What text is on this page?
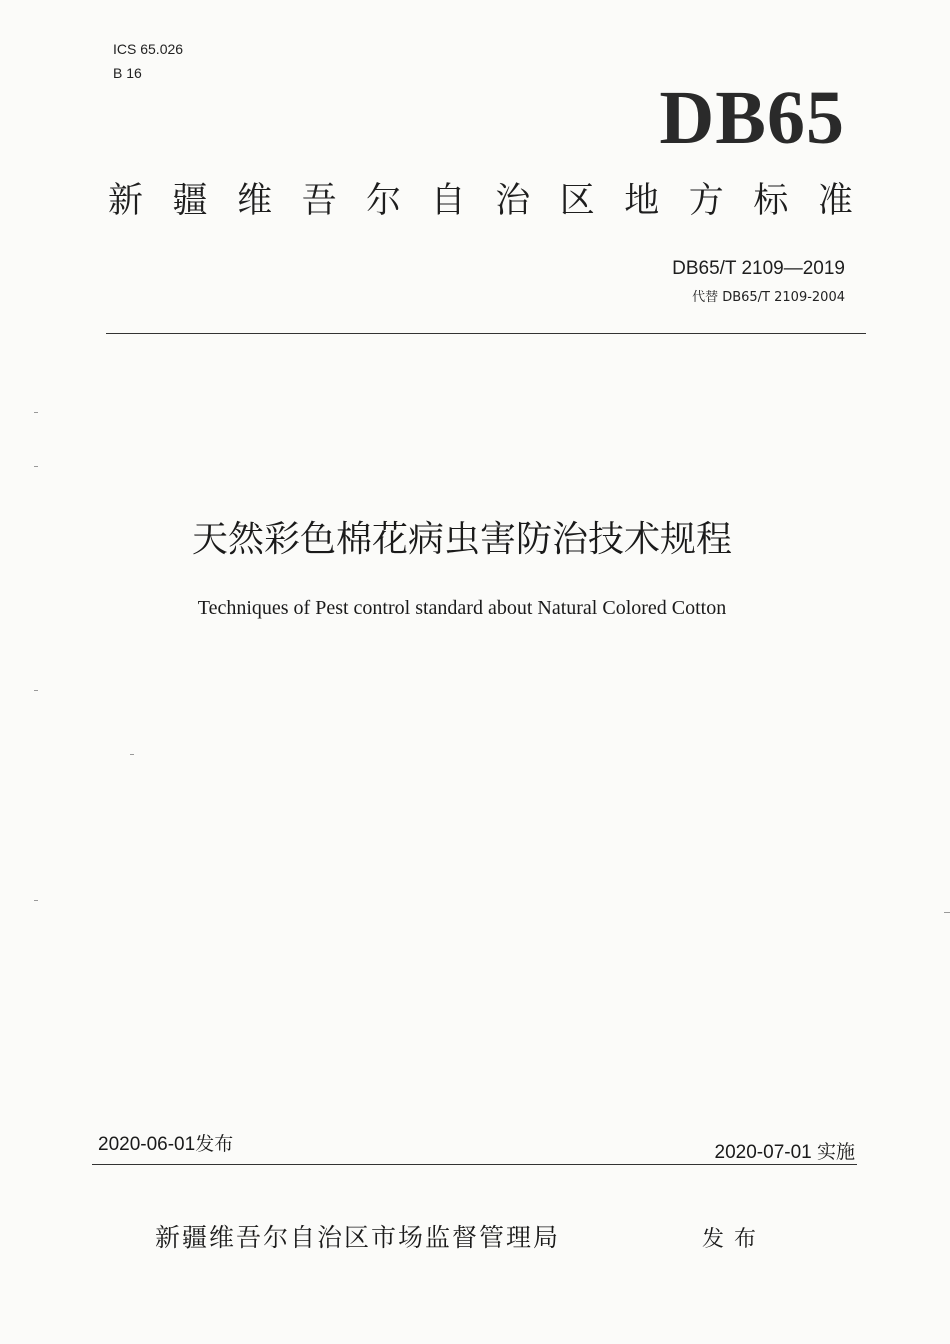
ICS 65.026
B 16
DB65
新 疆 维 吾 尔 自 治 区 地 方 标 准
DB65/T 2109—2019
代替 DB65/T 2109-2004
天然彩色棉花病虫害防治技术规程
Techniques of Pest control standard about Natural Colored Cotton
2020-06-01发布	2020-07-01 实施
新疆维吾尔自治区市场监督管理局	发布
